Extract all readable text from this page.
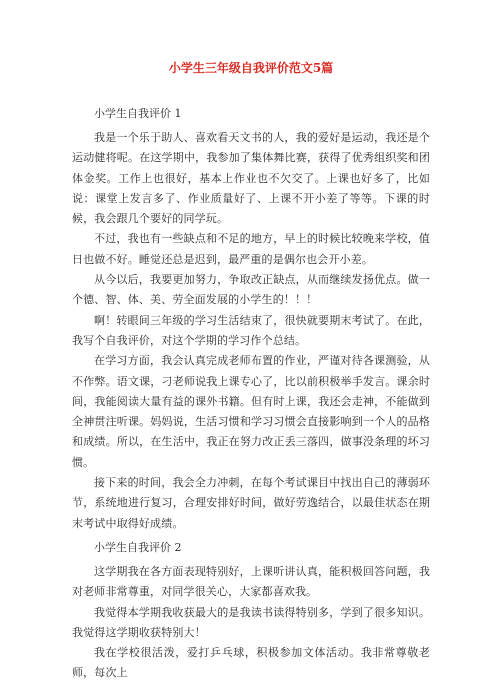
小学生三年级自我评价范文5篇

小学生自我评价 1

我是一个乐于助人、喜欢看天文书的人，我的爱好是运动，我还是个运动健将呢。在这学期中，我参加了集体舞比赛，获得了优秀组织奖和团体金奖。工作上也很好，基本上作业也不欠交了。上课也好多了，比如说：课堂上发言多了、作业质量好了、上课不开小差了等等。下课的时候，我会跟几个要好的同学玩。

不过，我也有一些缺点和不足的地方，早上的时候比较晚来学校，值日也做不好。睡觉还总是迟到，最严重的是偶尔也会开小差。

从今以后，我要更加努力，争取改正缺点，从而继续发扬优点。做一个德、智、体、美、劳全面发展的小学生的！！！

啊！转眼间三年级的学习生活结束了，很快就要期末考试了。在此，我写个自我评价，对这个学期的学习作个总结。

在学习方面，我会认真完成老师布置的作业，严谨对待各课测验，从不作弊。语文课，刁老师说我上课专心了，比以前积极举手发言。课余时间，我能阅读大量有益的课外书籍。但有时上课，我还会走神，不能做到全神贯注听课。妈妈说，生活习惯和学习习惯会直接影响到一个人的品格和成绩。所以，在生活中，我正在努力改正丢三落四，做事没条理的坏习惯。

接下来的时间，我会全力冲刺，在每个考试课目中找出自己的薄弱环节，系统地进行复习，合理安排好时间，做好劳逸结合，以最佳状态在期末考试中取得好成绩。

小学生自我评价 2

这学期我在各方面表现特别好，上课听讲认真，能积极回答问题，我对老师非常尊重，对同学很关心，大家都喜欢我。

我觉得本学期我收获最大的是我读书读得特别多，学到了很多知识。我觉得这学期收获特别大！

我在学校很活泼，爱打乒乓球，积极参加文体活动。我非常尊敬老师，每次上
